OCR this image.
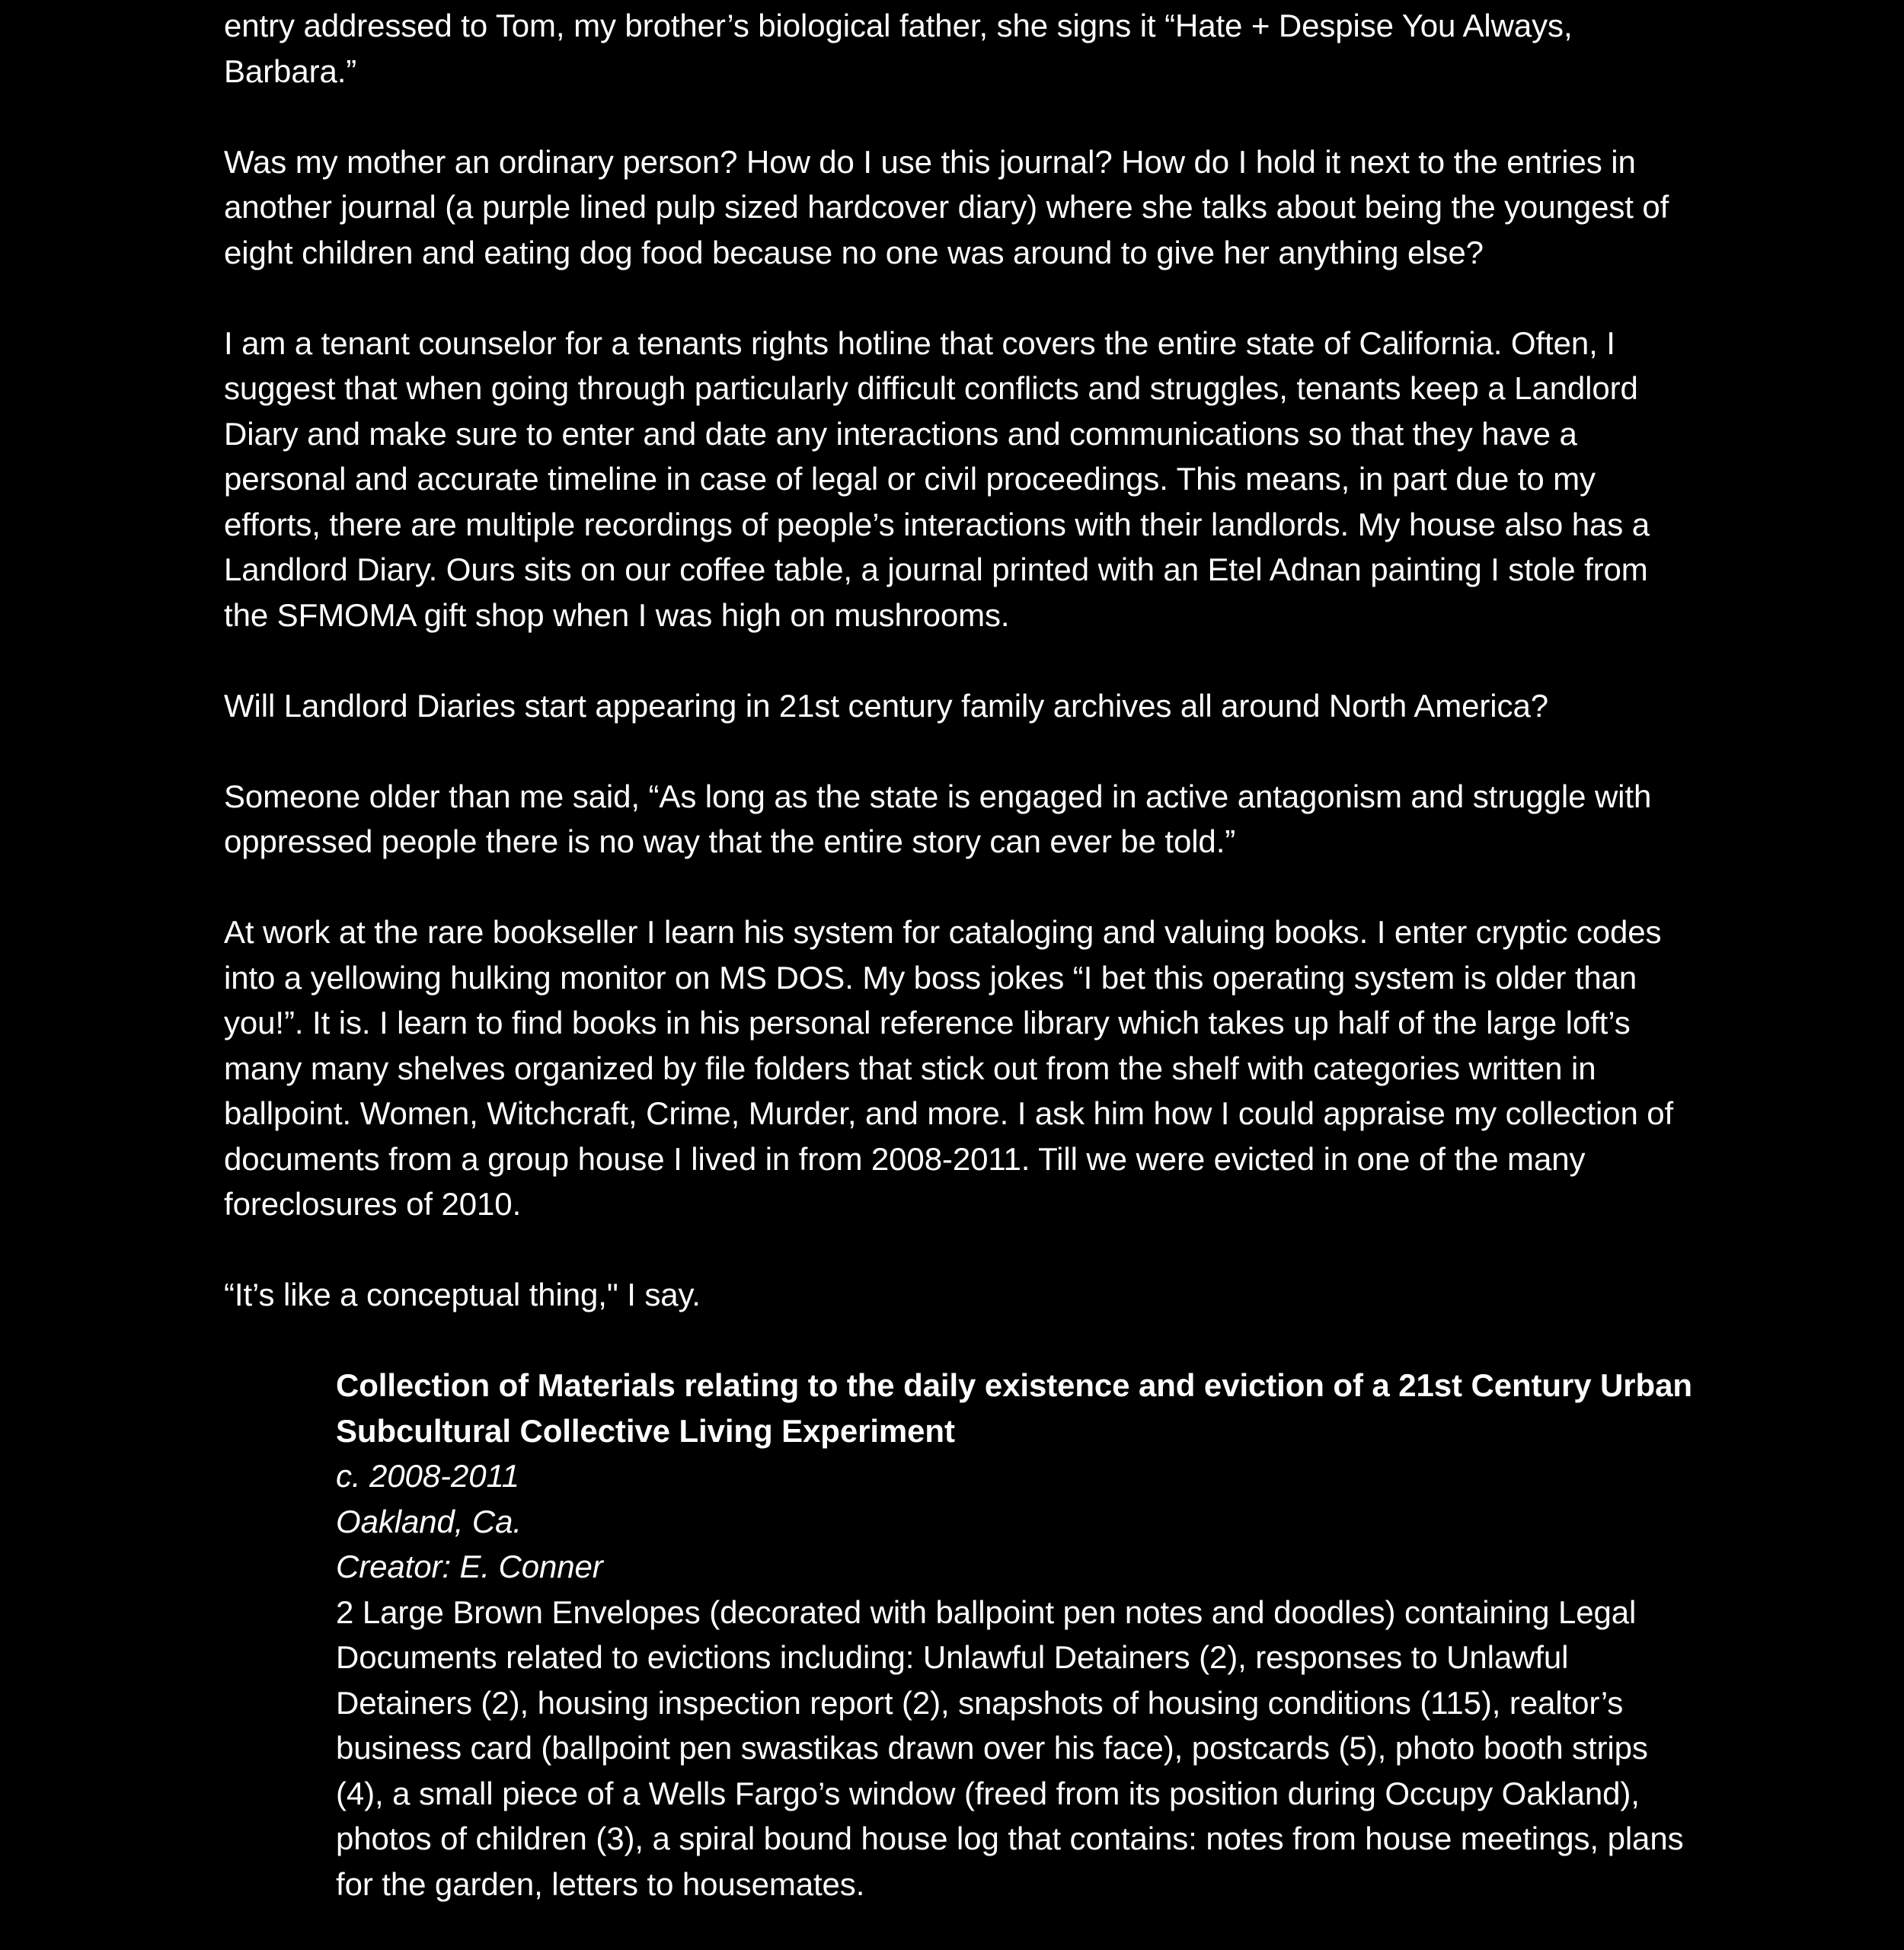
entry addressed to Tom, my brother’s biological father, she signs it “Hate + Despise You Always, Barbara.”

Was my mother an ordinary person? How do I use this journal? How do I hold it next to the entries in another journal (a purple lined pulp sized hardcover diary) where she talks about being the youngest of eight children and eating dog food because no one was around to give her anything else?

I am a tenant counselor for a tenants rights hotline that covers the entire state of California. Often, I suggest that when going through particularly difficult conflicts and struggles, tenants keep a Landlord Diary and make sure to enter and date any interactions and communications so that they have a personal and accurate timeline in case of legal or civil proceedings. This means, in part due to my efforts, there are multiple recordings of people’s interactions with their landlords. My house also has a Landlord Diary. Ours sits on our coffee table, a journal printed with an Etel Adnan painting I stole from the SFMOMA gift shop when I was high on mushrooms.

Will Landlord Diaries start appearing in 21st century family archives all around North America?

Someone older than me said, “As long as the state is engaged in active antagonism and struggle with oppressed people there is no way that the entire story can ever be told.”

At work at the rare bookseller I learn his system for cataloging and valuing books. I enter cryptic codes into a yellowing hulking monitor on MS DOS. My boss jokes “I bet this operating system is older than you!”. It is. I learn to find books in his personal reference library which takes up half of the large loft’s many many shelves organized by file folders that stick out from the shelf with categories written in ballpoint. Women, Witchcraft, Crime, Murder, and more. I ask him how I could appraise my collection of documents from a group house I lived in from 2008-2011. Till we were evicted in one of the many foreclosures of 2010.

“It’s like a conceptual thing," I say.

Collection of Materials relating to the daily existence and eviction of a 21st Century Urban Subcultural Collective Living Experiment

c. 2008-2011

Oakland, Ca.

Creator: E. Conner

2 Large Brown Envelopes (decorated with ballpoint pen notes and doodles) containing Legal Documents related to evictions including: Unlawful Detainers (2), responses to Unlawful Detainers (2), housing inspection report (2), snapshots of housing conditions (115), realtor’s business card (ballpoint pen swastikas drawn over his face), postcards (5), photo booth strips (4), a small piece of a Wells Fargo’s window (freed from its position during Occupy Oakland), photos of children (3), a spiral bound house log that contains: notes from house meetings, plans for the garden, letters to housemates.
